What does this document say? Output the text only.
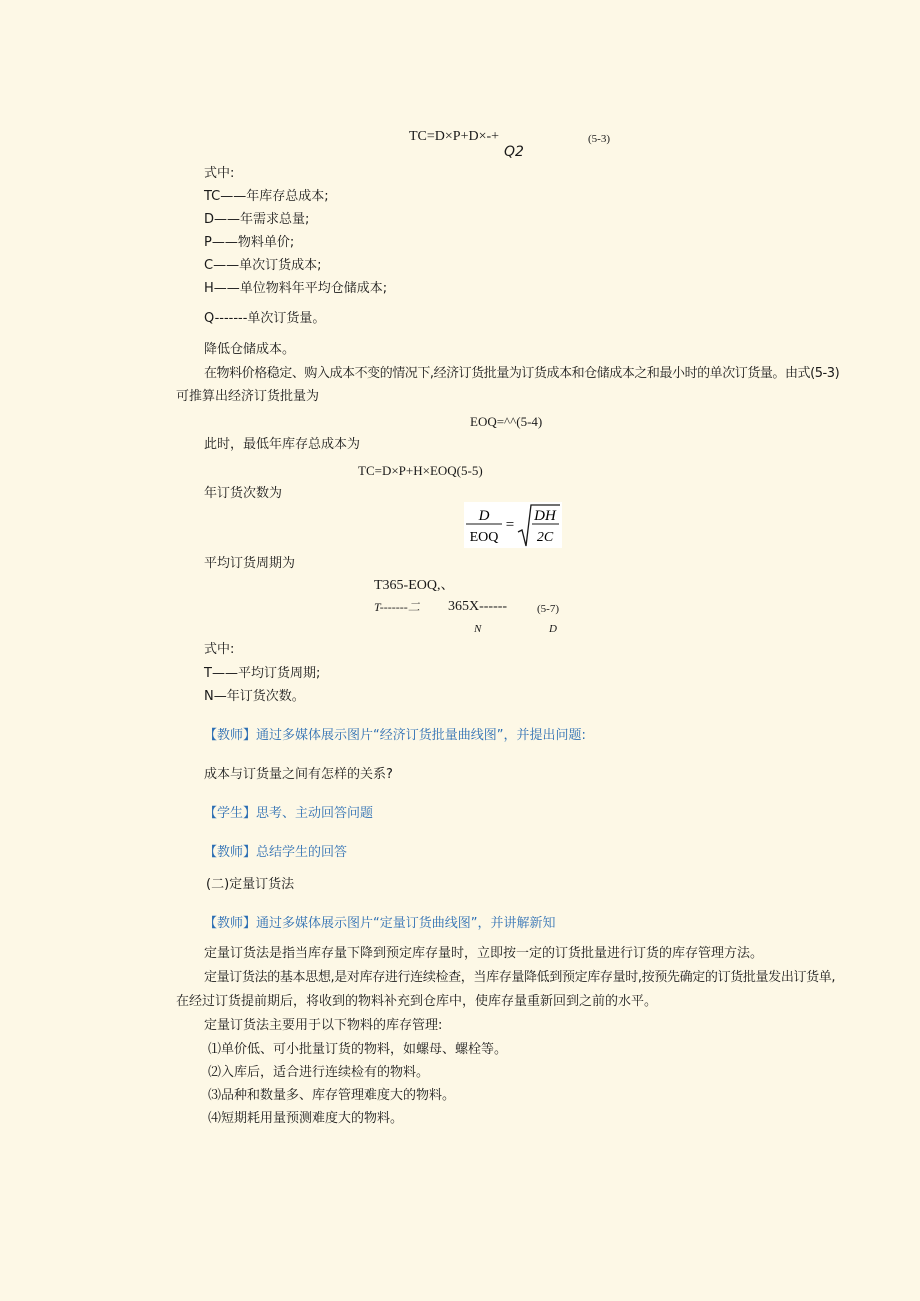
TC=D×P+D×-+
Q2
(5-3)
式中:
TC——年库存总成本;
D——年需求总量;
P——物料单价;
C——单次订货成本;
H——单位物料年平均仓储成本;
Q-------单次订货量。
降低仓储成本。
在物料价格稳定、购入成本不变的情况下,经济订货批量为订货成本和仓储成本之和最小时的单次订货量。由式(5-3)
可推算出经济订货批量为
EOQ=^^(5-4)
此时，最低年库存总成本为
TC=D×P+H×EOQ(5-5)
年订货次数为
D
EOQ
=
DH
2C
平均订货周期为
T365-EOQ,、
T-------二 365X------	(5-7)
N	D
式中:
T——平均订货周期;
N—年订货次数。
【教师】通过多媒体展示图片“经济订货批量曲线图”，并提出问题:
成本与订货量之间有怎样的关系?
【学生】思考、主动回答问题
【教师】总结学生的回答
(二)定量订货法
【教师】通过多媒体展示图片“定量订货曲线图”，并讲解新知
定量订货法是指当库存量下降到预定库存量时，立即按一定的订货批量进行订货的库存管理方法。
定量订货法的基本思想,是对库存进行连续检查，当库存量降低到预定库存量时,按预先确定的订货批量发出订货单,
在经过订货提前期后，将收到的物料补充到仓库中，使库存量重新回到之前的水平。
定量订货法主要用于以下物料的库存管理:
⑴单价低、可小批量订货的物料，如螺母、螺栓等。
⑵入库后，适合进行连续检有的物料。
⑶品种和数量多、库存管理难度大的物料。
⑷短期耗用量预测难度大的物料。
